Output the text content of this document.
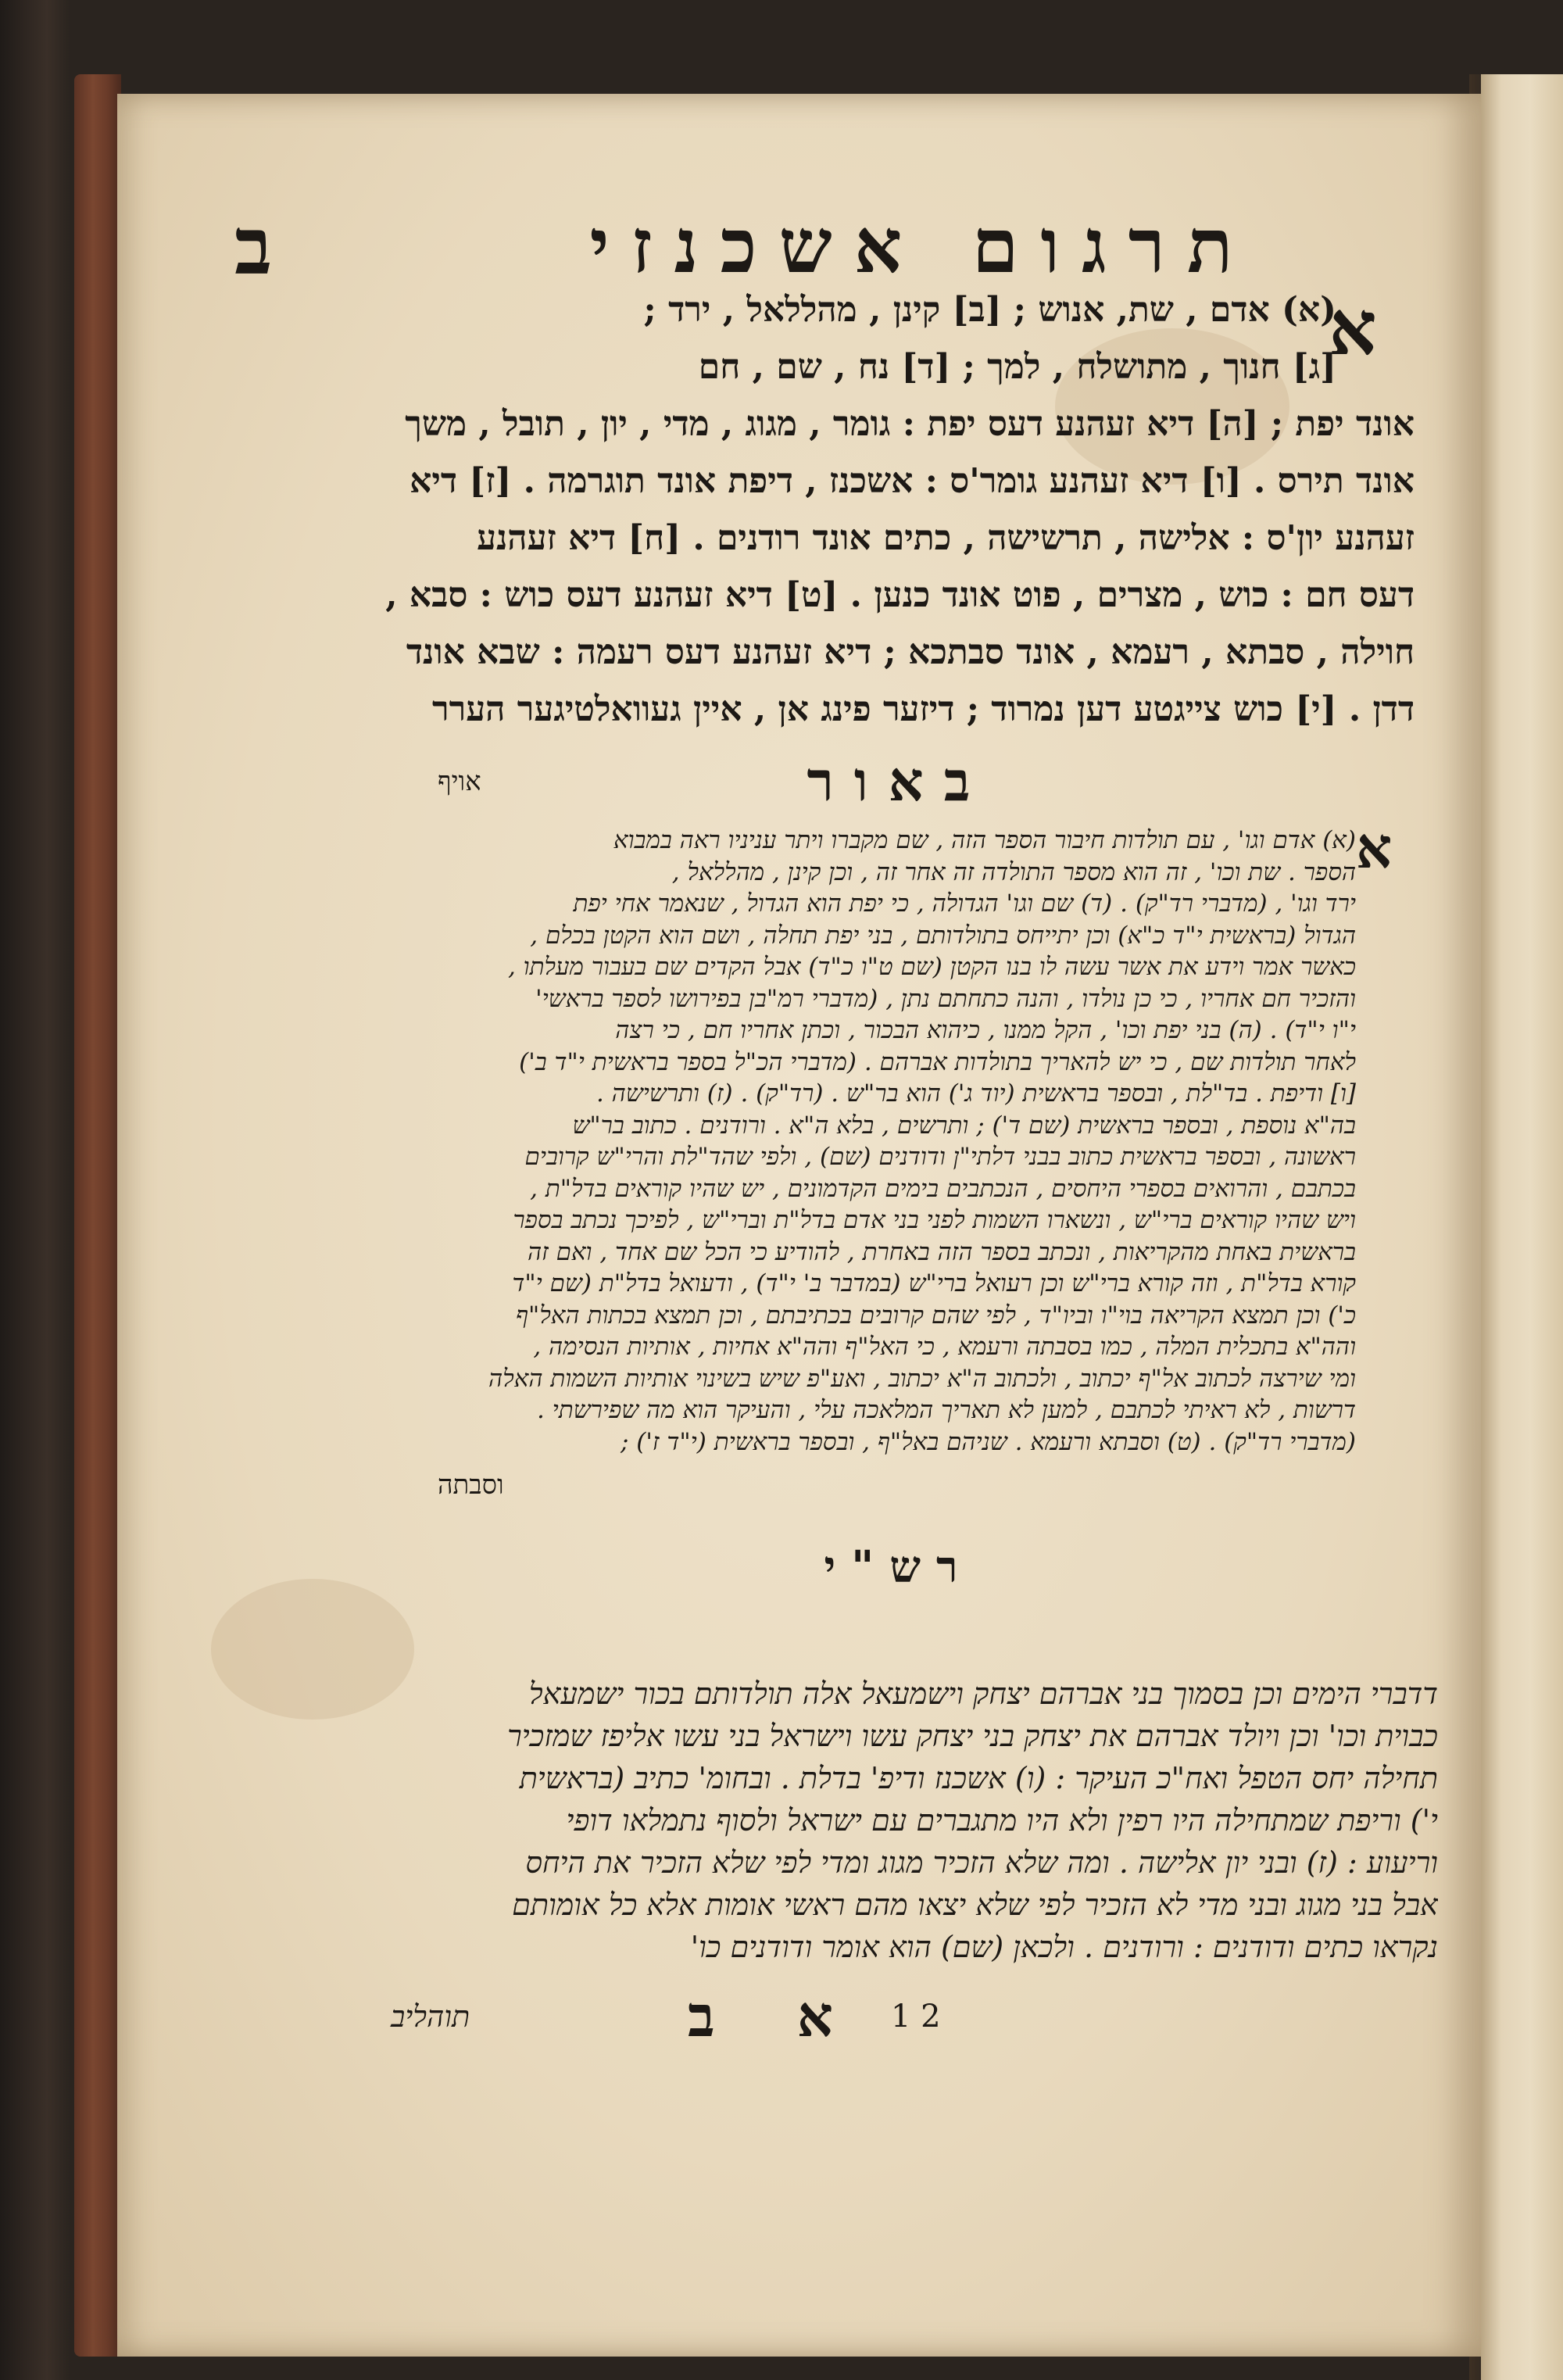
תרגום אשכנזי
ב
א
(א) אדם , שת, אנוש ; [ב] קינן , מהללאל , ירד ;
[ג] חנוך , מתושלח , למך ; [ד] נח , שם , חם
אונד יפת ; [ה] דיא זעהנע דעס יפת : גומר , מגוג , מדי , יון , תובל , משך
אונד תירס . [ו] דיא זעהנע גומר'ס : אשכנז , דיפת אונד תוגרמה . [ז] דיא
זעהנע יון'ס : אלישה , תרשישה , כתים אונד רודנים . [ח] דיא זעהנע
דעס חם : כוש , מצרים , פוט אונד כנען . [ט] דיא זעהנע דעס כוש : סבא ,
חוילה , סבתא , רעמא , אונד סבתכא ; דיא זעהנע דעס רעמה : שבא אונד
דדן . [י] כוש צייגטע דען נמרוד ; דיזער פינג אן , איין געוואלטיגער הערר
אויף	באור
א
(א) אדם וגו' , עם תולדות חיבור הספר הזה , שם מקברו ויתר עניניו ראה במבוא
הספר . שת וכו' , זה הוא מספר התולדה זה אחר זה , וכן קינן , מהללאל ,
ירד וגו' , (מדברי רד"ק) . (ד) שם וגו' הגדולה , כי יפת הוא הגדול , שנאמר אחי יפת
הגדול (בראשית י"ד כ"א) וכן יתייחס בתולדותם , בני יפת תחלה , ושם הוא הקטן בכלם ,
כאשר אמר וידע את אשר עשה לו בנו הקטן (שם ט"ו כ"ד) אבל הקדים שם בעבור מעלתו ,
והזכיר חם אחריו , כי כן נולדו , והנה כתחתם נתן , (מדברי רמ"בן בפירושו לספר בראשי'
י"ו י"ד) . (ה) בני יפת וכו' , הקל ממנו , כיהוא הבכור , וכתן אחריו חם , כי רצה
לאחר תולדות שם , כי יש להאריך בתולדות אברהם . (מדברי הכ"ל בספר בראשית י"ד ב')
[ו] ודיפת . בד"לת , ובספר בראשית (יוד ג') הוא בר"ש . (רד"ק) . (ז) ותרשישה .
בה"א נוספת , ובספר בראשית (שם ד') ; ותרשים , בלא ה"א . ורודנים . כתוב בר"ש
ראשונה , ובספר בראשית כתוב בבני דלתי"ן ודודנים (שם) , ולפי שהד"לת והרי"ש קרובים
בכתבם , והרואים בספרי היחסים , הנכתבים בימים הקדמונים , יש שהיו קוראים בדל"ת ,
ויש שהיו קוראים ברי"ש , ונשארו השמות לפני בני אדם בדל"ת וברי"ש , לפיכך נכתב בספר
בראשית באחת מהקריאות , ונכתב בספר הזה באחרת , להודיע כי הכל שם אחד , ואם זה
קורא בדל"ת , וזה קורא ברי"ש וכן רעואל ברי"ש (במדבר ב' י"ד) , ודעואל בדל"ת (שם י"ד
כ') וכן תמצא הקריאה בוי"ו וביו"ד , לפי שהם קרובים בכתיבתם , וכן תמצא בכתות האל"ף
והה"א בתכלית המלה , כמו בסבתה ורעמא , כי האל"ף והה"א אחיות , אותיות הנסימה ,
ומי שירצה לכתוב אל"ף יכתוב , ולכתוב ה"א יכתוב , ואע"פ שיש בשינוי אותיות השמות האלה
דרשות , לא ראיתי לכתבם , למען לא תאריך המלאכה עלי , והעיקר הוא מה שפירשתי .
(מדברי רד"ק) . (ט) וסבתא ורעמא . שניהם באל"ף , ובספר בראשית (י"ד ז') ;
וסבתה
רש"י
דדברי הימים וכן בסמוך בני אברהם יצחק וישמעאל אלה תולדותם בכור ישמעאל
כבוית וכו' וכן ויולד אברהם את יצחק בני יצחק עשו וישראל בני עשו אליפז שמזכיר
תחילה יחס הטפל ואח"כ העיקר : (ו) אשכנז ודיפ' בדלת . ובחומ' כתיב (בראשית
י') וריפת שמתחילה היו רפין ולא היו מתגברים עם ישראל ולסוף נתמלאו דופי
וריעוע : (ז) ובני יון אלישה . ומה שלא הזכיר מגוג ומדי לפי שלא הזכיר את היחס
אבל בני מגוג ובני מדי לא הזכיר לפי שלא יצאו מהם ראשי אומות אלא כל אומותם
נקראו כתים ודודנים : ורודנים . ולכאן (שם) הוא אומר ודודנים כו'
א ב 1 2
תוהליב
